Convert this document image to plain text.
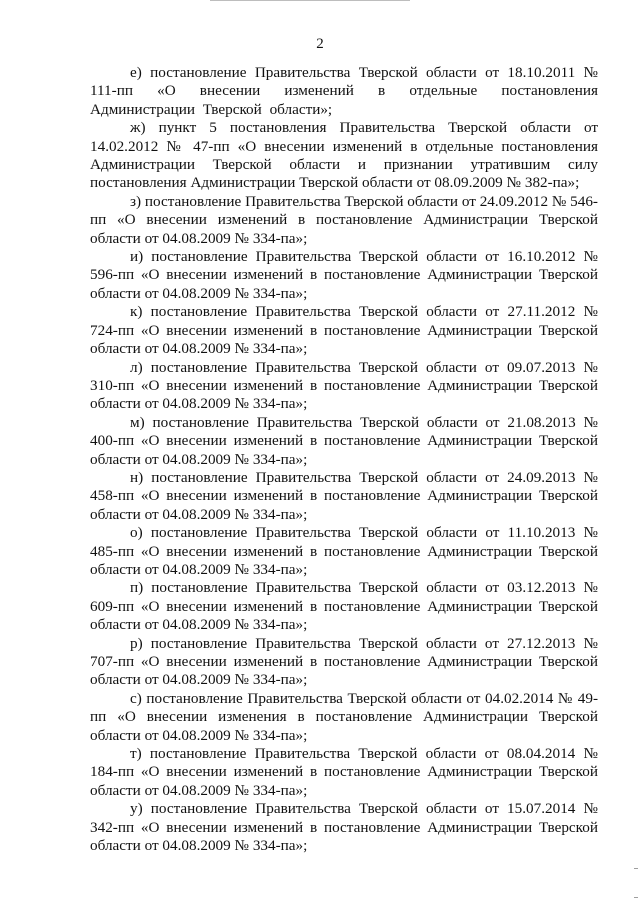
2

е) постановление Правительства Тверской области от 18.10.2011 № 111-пп «О внесении изменений в отдельные постановления Администрации Тверской области»;

ж) пункт 5 постановления Правительства Тверской области от 14.02.2012 № 47-пп «О внесении изменений в отдельные постановления Администрации Тверской области и признании утратившим силу постановления Администрации Тверской области от 08.09.2009 № 382-па»;

з) постановление Правительства Тверской области от 24.09.2012 № 546-пп «О внесении изменений в постановление Администрации Тверской области от 04.08.2009 № 334-па»;

и) постановление Правительства Тверской области от 16.10.2012 № 596-пп «О внесении изменений в постановление Администрации Тверской области от 04.08.2009 № 334-па»;

к) постановление Правительства Тверской области от 27.11.2012 № 724-пп «О внесении изменений в постановление Администрации Тверской области от 04.08.2009 № 334-па»;

л) постановление Правительства Тверской области от 09.07.2013 № 310-пп «О внесении изменений в постановление Администрации Тверской области от 04.08.2009 № 334-па»;

м) постановление Правительства Тверской области от 21.08.2013 № 400-пп «О внесении изменений в постановление Администрации Тверской области от 04.08.2009 № 334-па»;

н) постановление Правительства Тверской области от 24.09.2013 № 458-пп «О внесении изменений в постановление Администрации Тверской области от 04.08.2009 № 334-па»;

о) постановление Правительства Тверской области от 11.10.2013 № 485-пп «О внесении изменений в постановление Администрации Тверской области от 04.08.2009 № 334-па»;

п) постановление Правительства Тверской области от 03.12.2013 № 609-пп «О внесении изменений в постановление Администрации Тверской области от 04.08.2009 № 334-па»;

р) постановление Правительства Тверской области от 27.12.2013 № 707-пп «О внесении изменений в постановление Администрации Тверской области от 04.08.2009 № 334-па»;

с) постановление Правительства Тверской области от 04.02.2014 № 49-пп «О внесении изменения в постановление Администрации Тверской области от 04.08.2009 № 334-па»;

т) постановление Правительства Тверской области от 08.04.2014 № 184-пп «О внесении изменений в постановление Администрации Тверской области от 04.08.2009 № 334-па»;

у) постановление Правительства Тверской области от 15.07.2014 № 342-пп «О внесении изменений в постановление Администрации Тверской области от 04.08.2009 № 334-па»;
